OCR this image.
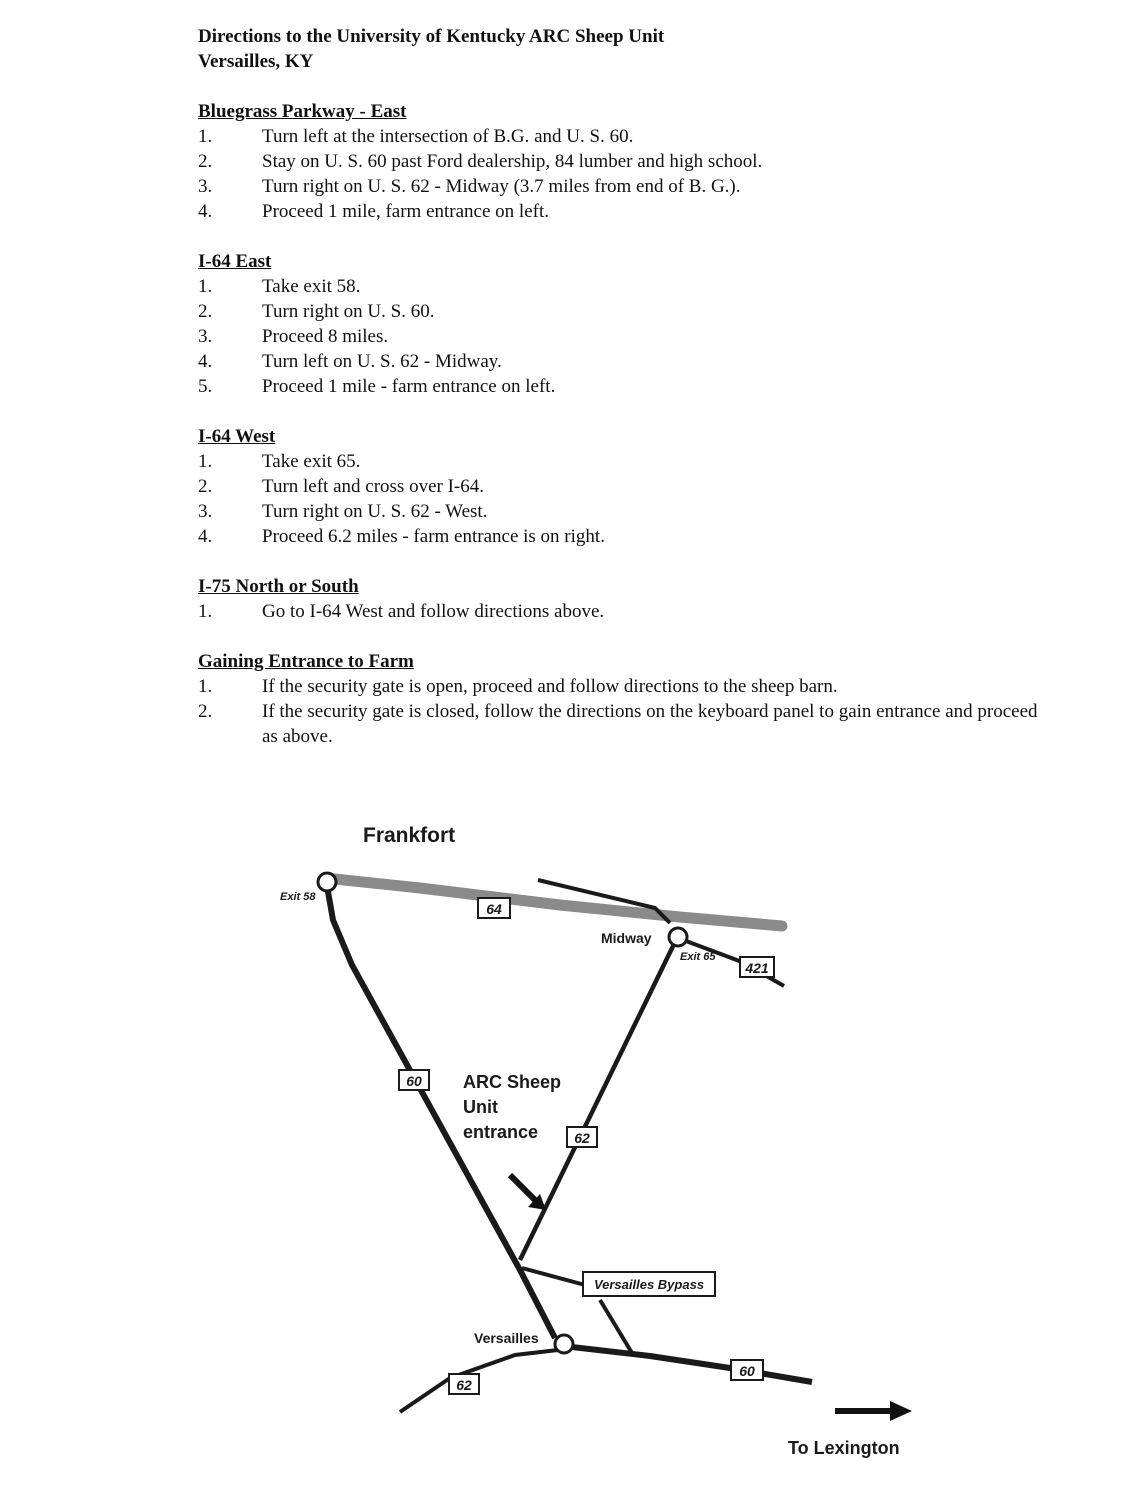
Directions to the University of Kentucky ARC Sheep Unit

Versailles, KY

Bluegrass Parkway - East

1.	Turn left at the intersection of B.G. and U. S. 60.
2.	Stay on U. S. 60 past Ford dealership, 84 lumber and high school.
3.	Turn right on U. S. 62 - Midway (3.7 miles from end of B. G.).
4.	Proceed 1 mile, farm entrance on left.

I-64 East

1.	Take exit 58.
2.	Turn right on U. S. 60.
3.	Proceed 8 miles.
4.	Turn left on U. S. 62 - Midway.
5.	Proceed 1 mile - farm entrance on left.

I-64 West

1.	Take exit 65.
2.	Turn left and cross over I-64.
3.	Turn right on U. S. 62 - West.
4.	Proceed 6.2 miles - farm entrance is on right.

I-75 North or South

1.	Go to I-64 West and follow directions above.

Gaining Entrance to Farm

1.	If the security gate is open, proceed and follow directions to the sheep barn.
2.	If the security gate is closed, follow the directions on the keyboard panel to gain entrance and proceed as above.
64
421
60
62
60
62
Versailles Bypass
Frankfort
Exit 58
Midway
Exit 65
Versailles
ARC Sheep
Unit
entrance
To Lexington
